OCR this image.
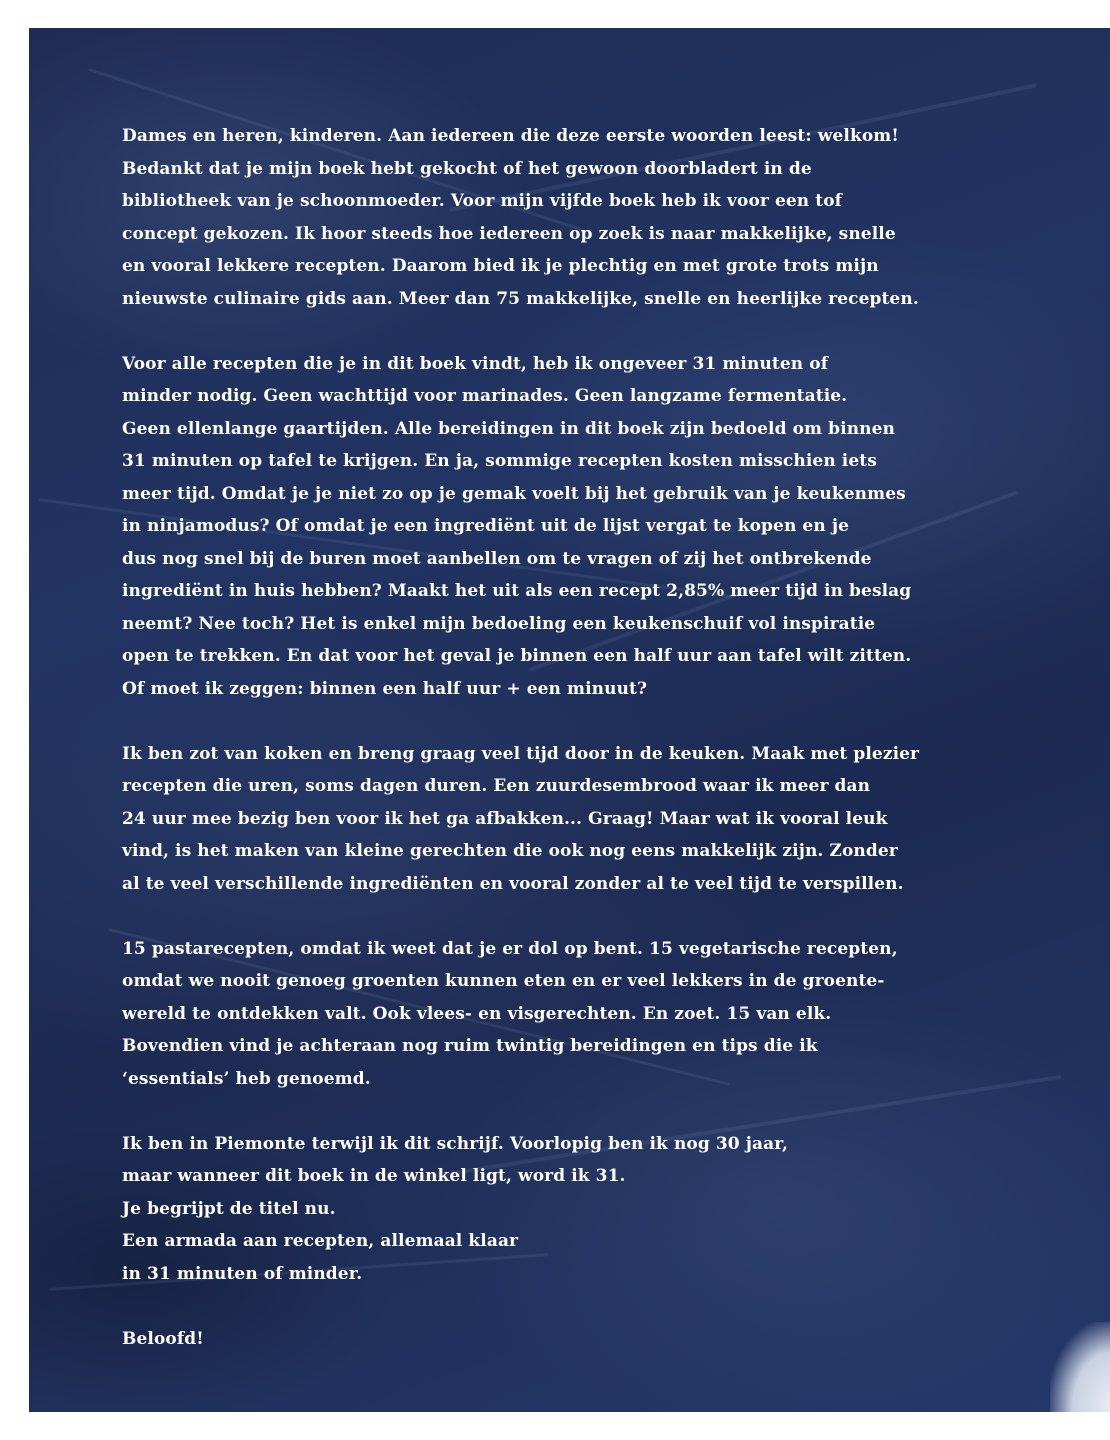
Dames en heren, kinderen. Aan iedereen die deze eerste woorden leest: welkom!
Bedankt dat je mijn boek hebt gekocht of het gewoon doorbladert in de
bibliotheek van je schoonmoeder. Voor mijn vijfde boek heb ik voor een tof
concept gekozen. Ik hoor steeds hoe iedereen op zoek is naar makkelijke, snelle
en vooral lekkere recepten. Daarom bied ik je plechtig en met grote trots mijn
nieuwste culinaire gids aan. Meer dan 75 makkelijke, snelle en heerlijke recepten.
Voor alle recepten die je in dit boek vindt, heb ik ongeveer 31 minuten of
minder nodig. Geen wachttijd voor marinades. Geen langzame fermentatie.
Geen ellenlange gaartijden. Alle bereidingen in dit boek zijn bedoeld om binnen
31 minuten op tafel te krijgen. En ja, sommige recepten kosten misschien iets
meer tijd. Omdat je je niet zo op je gemak voelt bij het gebruik van je keukenmes
in ninjamodus? Of omdat je een ingrediënt uit de lijst vergat te kopen en je
dus nog snel bij de buren moet aanbellen om te vragen of zij het ontbrekende
ingrediënt in huis hebben? Maakt het uit als een recept 2,85% meer tijd in beslag
neemt? Nee toch? Het is enkel mijn bedoeling een keukenschuif vol inspiratie
open te trekken. En dat voor het geval je binnen een half uur aan tafel wilt zitten.
Of moet ik zeggen: binnen een half uur + een minuut?
Ik ben zot van koken en breng graag veel tijd door in de keuken. Maak met plezier
recepten die uren, soms dagen duren. Een zuurdesembrood waar ik meer dan
24 uur mee bezig ben voor ik het ga afbakken... Graag! Maar wat ik vooral leuk
vind, is het maken van kleine gerechten die ook nog eens makkelijk zijn. Zonder
al te veel verschillende ingrediënten en vooral zonder al te veel tijd te verspillen.
15 pastarecepten, omdat ik weet dat je er dol op bent. 15 vegetarische recepten,
omdat we nooit genoeg groenten kunnen eten en er veel lekkers in de groente-
wereld te ontdekken valt. Ook vlees- en visgerechten. En zoet. 15 van elk.
Bovendien vind je achteraan nog ruim twintig bereidingen en tips die ik
‘essentials’ heb genoemd.
Ik ben in Piemonte terwijl ik dit schrijf. Voorlopig ben ik nog 30 jaar,
maar wanneer dit boek in de winkel ligt, word ik 31.
Je begrijpt de titel nu.
Een armada aan recepten, allemaal klaar
in 31 minuten of minder.
Beloofd!
